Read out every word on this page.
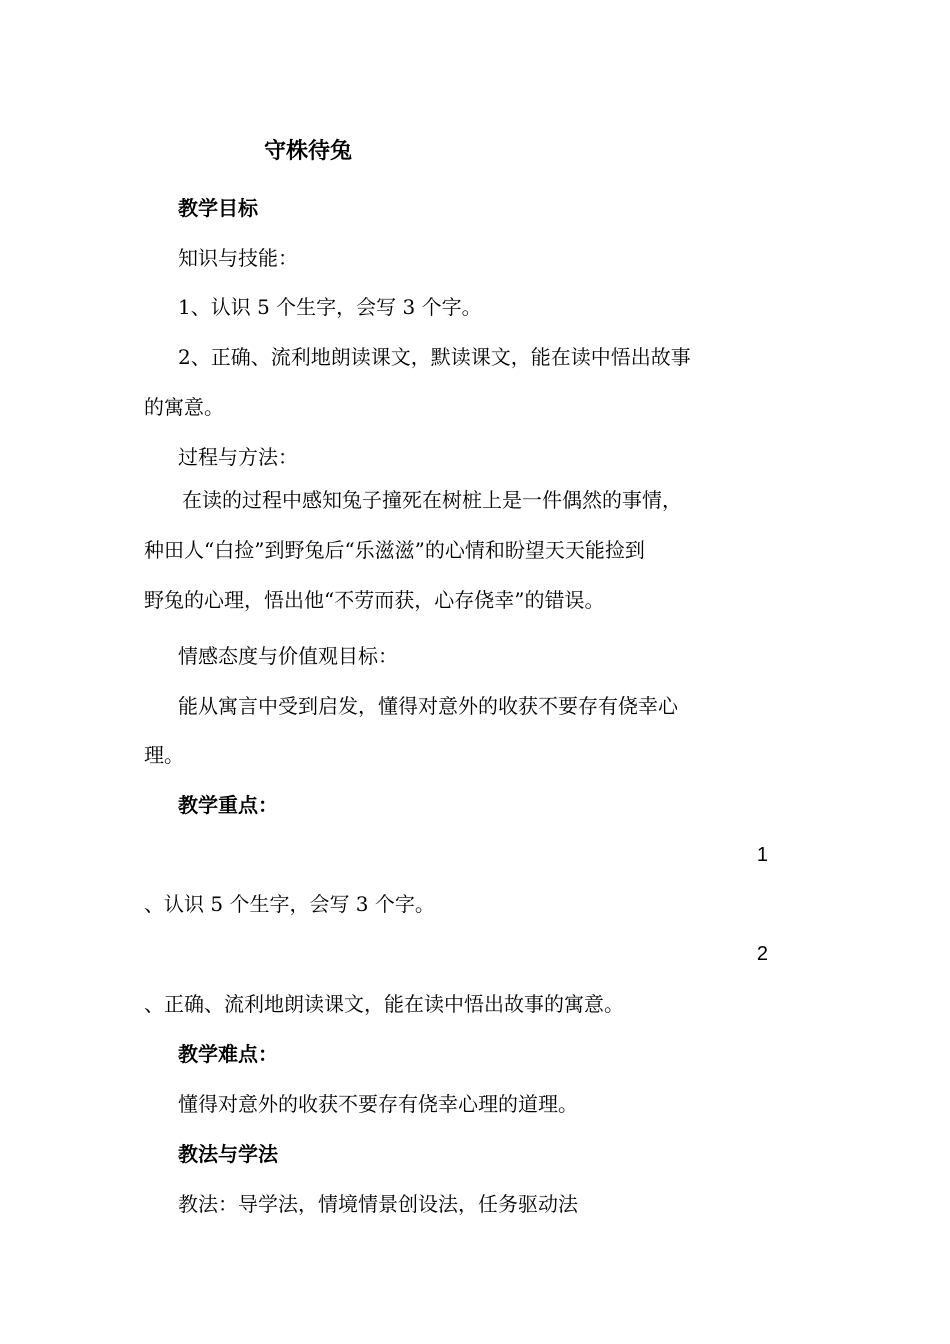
守株待兔
教学目标
知识与技能：
1、认识 5 个生字，会写 3 个字。
2、正确、流利地朗读课文，默读课文，能在读中悟出故事
的寓意。
过程与方法：
在读的过程中感知兔子撞死在树桩上是一件偶然的事情，
种田人“白捡”到野兔后“乐滋滋”的心情和盼望天天能捡到
野兔的心理，悟出他“不劳而获，心存侥幸”的错误。
情感态度与价值观目标：
能从寓言中受到启发，懂得对意外的收获不要存有侥幸心
理。
教学重点：
1
、认识 5 个生字，会写 3 个字。
2
、正确、流利地朗读课文，能在读中悟出故事的寓意。
教学难点：
懂得对意外的收获不要存有侥幸心理的道理。
教法与学法
教法：导学法，情境情景创设法，任务驱动法
